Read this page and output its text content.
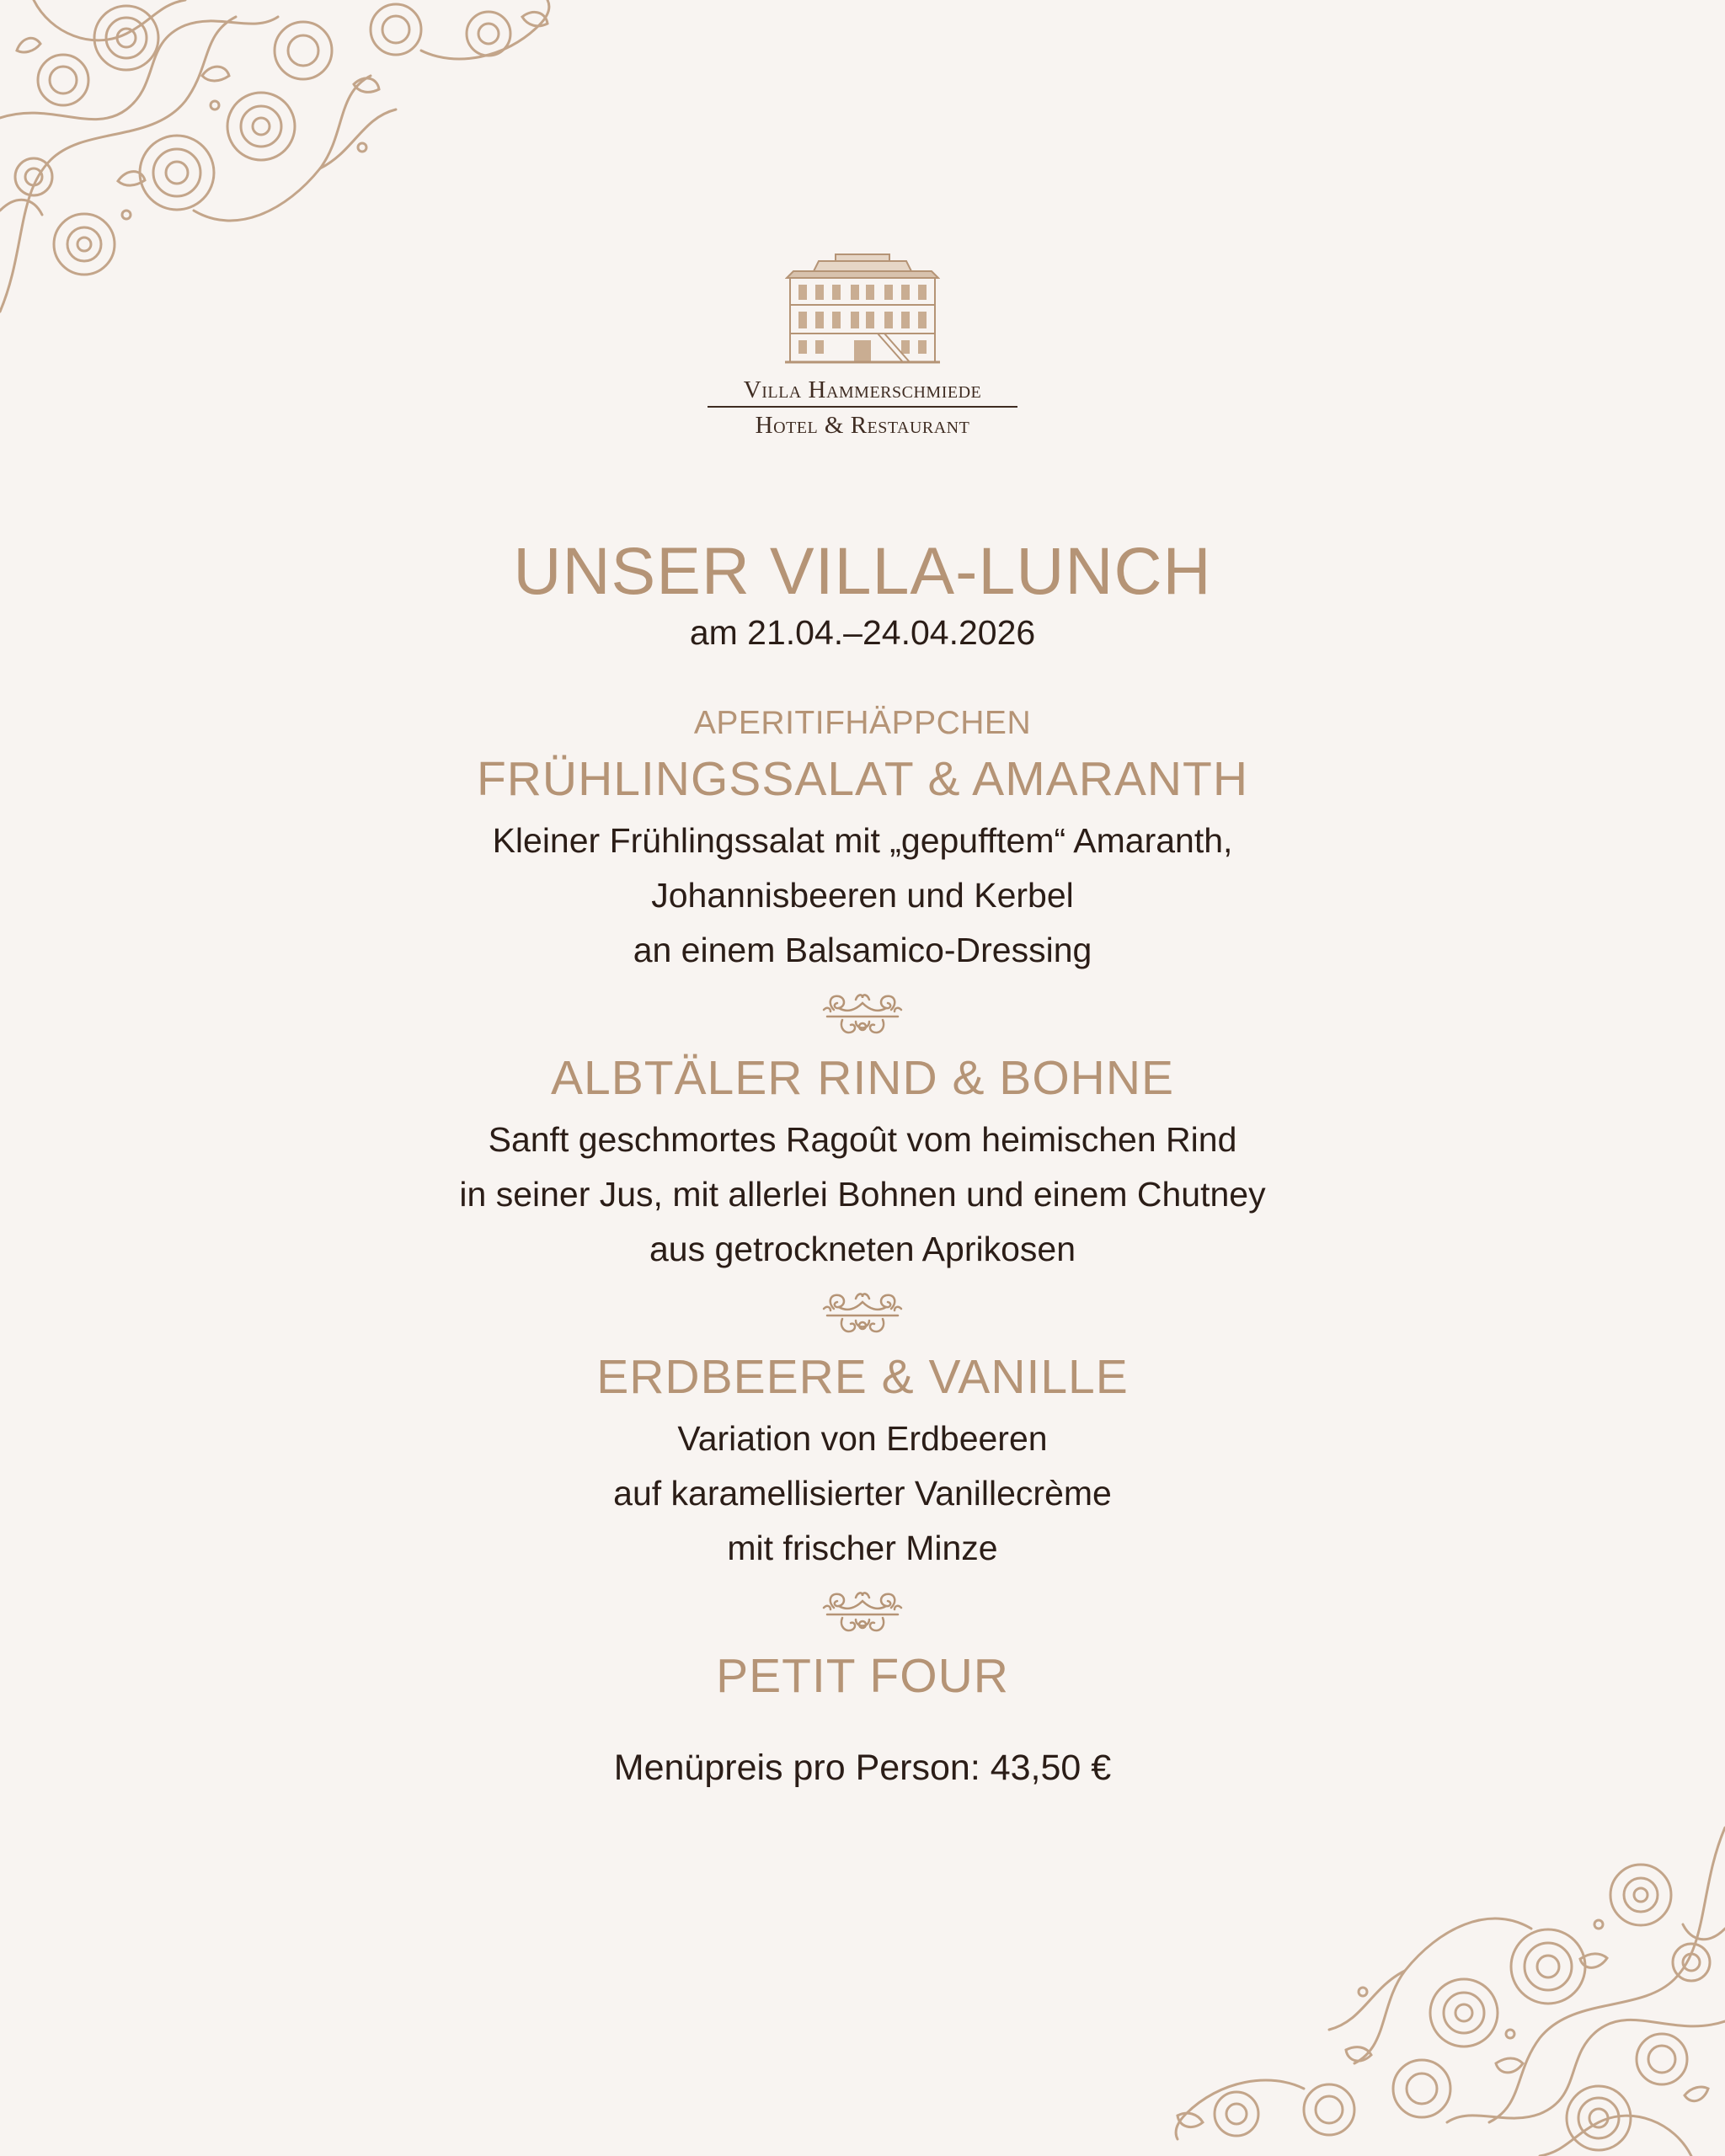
Villa Hammerschmiede
Hotel & Restaurant
UNSER VILLA-LUNCH
am 21.04.–24.04.2026
APERITIFHÄPPCHEN
FRÜHLINGSSALAT & AMARANTH
Kleiner Frühlingssalat mit „gepufftem“ Amaranth,
Johannisbeeren und Kerbel
an einem Balsamico-Dressing
ALBTÄLER RIND & BOHNE
Sanft geschmortes Ragoût vom heimischen Rind
in seiner Jus, mit allerlei Bohnen und einem Chutney
aus getrockneten Aprikosen
ERDBEERE & VANILLE
Variation von Erdbeeren
auf karamellisierter Vanillecrème
mit frischer Minze
PETIT FOUR
Menüpreis pro Person: 43,50 €
